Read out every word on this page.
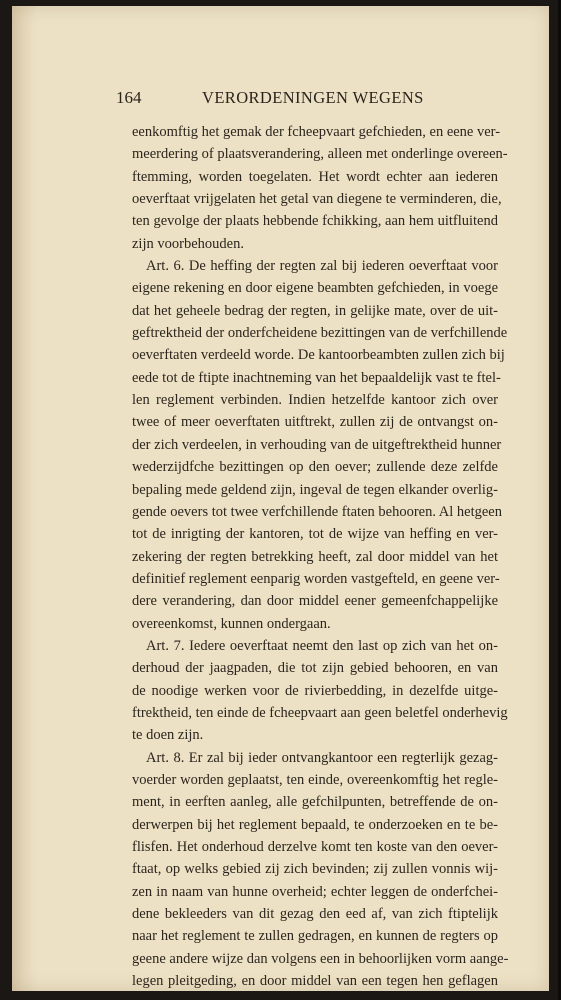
164	VERORDENINGEN WEGENS
eenkomftig het gemak der fcheepvaart gefchieden, en eene ver-
meerdering of plaatsverandering, alleen met onderlinge overeen-
ftemming, worden toegelaten. Het wordt echter aan iederen
oeverftaat vrijgelaten het getal van diegene te verminderen, die,
ten gevolge der plaats hebbende fchikking, aan hem uitfluitend
zijn voorbehouden.
Art. 6. De heffing der regten zal bij iederen oeverftaat voor
eigene rekening en door eigene beambten gefchieden, in voege
dat het geheele bedrag der regten, in gelijke mate, over de uit-
geftrektheid der onderfcheidene bezittingen van de verfchillende
oeverftaten verdeeld worde. De kantoorbeambten zullen zich bij
eede tot de ftipte inachtneming van het bepaaldelijk vast te ftel-
len reglement verbinden. Indien hetzelfde kantoor zich over
twee of meer oeverftaten uitftrekt, zullen zij de ontvangst on-
der zich verdeelen, in verhouding van de uitgeftrektheid hunner
wederzijdfche bezittingen op den oever; zullende deze zelfde
bepaling mede geldend zijn, ingeval de tegen elkander overlig-
gende oevers tot twee verfchillende ftaten behooren. Al hetgeen
tot de inrigting der kantoren, tot de wijze van heffing en ver-
zekering der regten betrekking heeft, zal door middel van het
definitief reglement eenparig worden vastgefteld, en geene ver-
dere verandering, dan door middel eener gemeenfchappelijke
overeenkomst, kunnen ondergaan.
Art. 7. Iedere oeverftaat neemt den last op zich van het on-
derhoud der jaagpaden, die tot zijn gebied behooren, en van
de noodige werken voor de rivierbedding, in dezelfde uitge-
ftrektheid, ten einde de fcheepvaart aan geen beletfel onderhevig
te doen zijn.
Art. 8. Er zal bij ieder ontvangkantoor een regterlijk gezag-
voerder worden geplaatst, ten einde, overeenkomftig het regle-
ment, in eerften aanleg, alle gefchilpunten, betreffende de on-
derwerpen bij het reglement bepaald, te onderzoeken en te be-
flisfen. Het onderhoud derzelve komt ten koste van den oever-
ftaat, op welks gebied zij zich bevinden; zij zullen vonnis wij-
zen in naam van hunne overheid; echter leggen de onderfchei-
dene bekleeders van dit gezag den eed af, van zich ftiptelijk
naar het reglement te zullen gedragen, en kunnen de regters op
geene andere wijze dan volgens een in behoorlijken vorm aange-
legen pleitgeding, en door middel van een tegen hen geflagen
